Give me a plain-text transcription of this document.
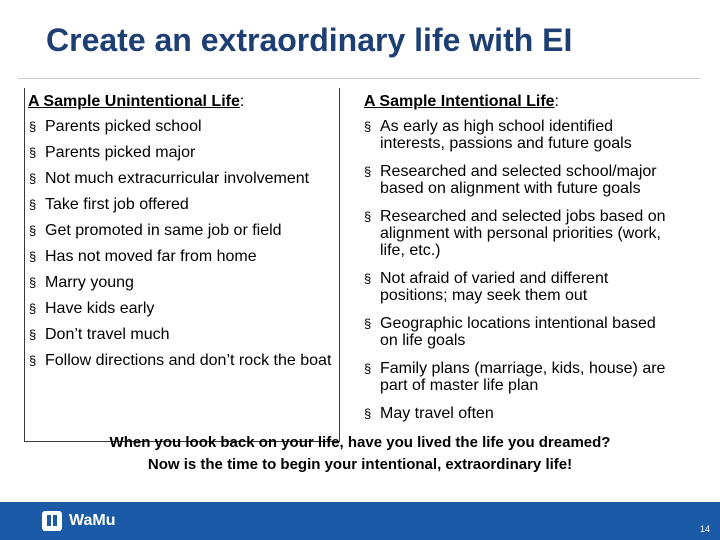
Create an extraordinary life with EI
A Sample Unintentional Life:
§ Parents picked school
§ Parents picked major
§ Not much extracurricular involvement
§ Take first job offered
§ Get promoted in same job or field
§ Has not moved far from home
§ Marry young
§ Have kids early
§ Don’t travel much
§ Follow directions and don’t rock the boat
A Sample Intentional Life:
§ As early as high school identified interests, passions and future goals
§ Researched and selected school/major based on alignment with future goals
§ Researched and selected jobs based on alignment with personal priorities (work, life, etc.)
§ Not afraid of varied and different positions; may seek them out
§ Geographic locations intentional based on life goals
§ Family plans (marriage, kids, house) are part of master life plan
§ May travel often
When you look back on your life, have you lived the life you dreamed?
Now is the time to begin your intentional, extraordinary life!
WaMu	14
